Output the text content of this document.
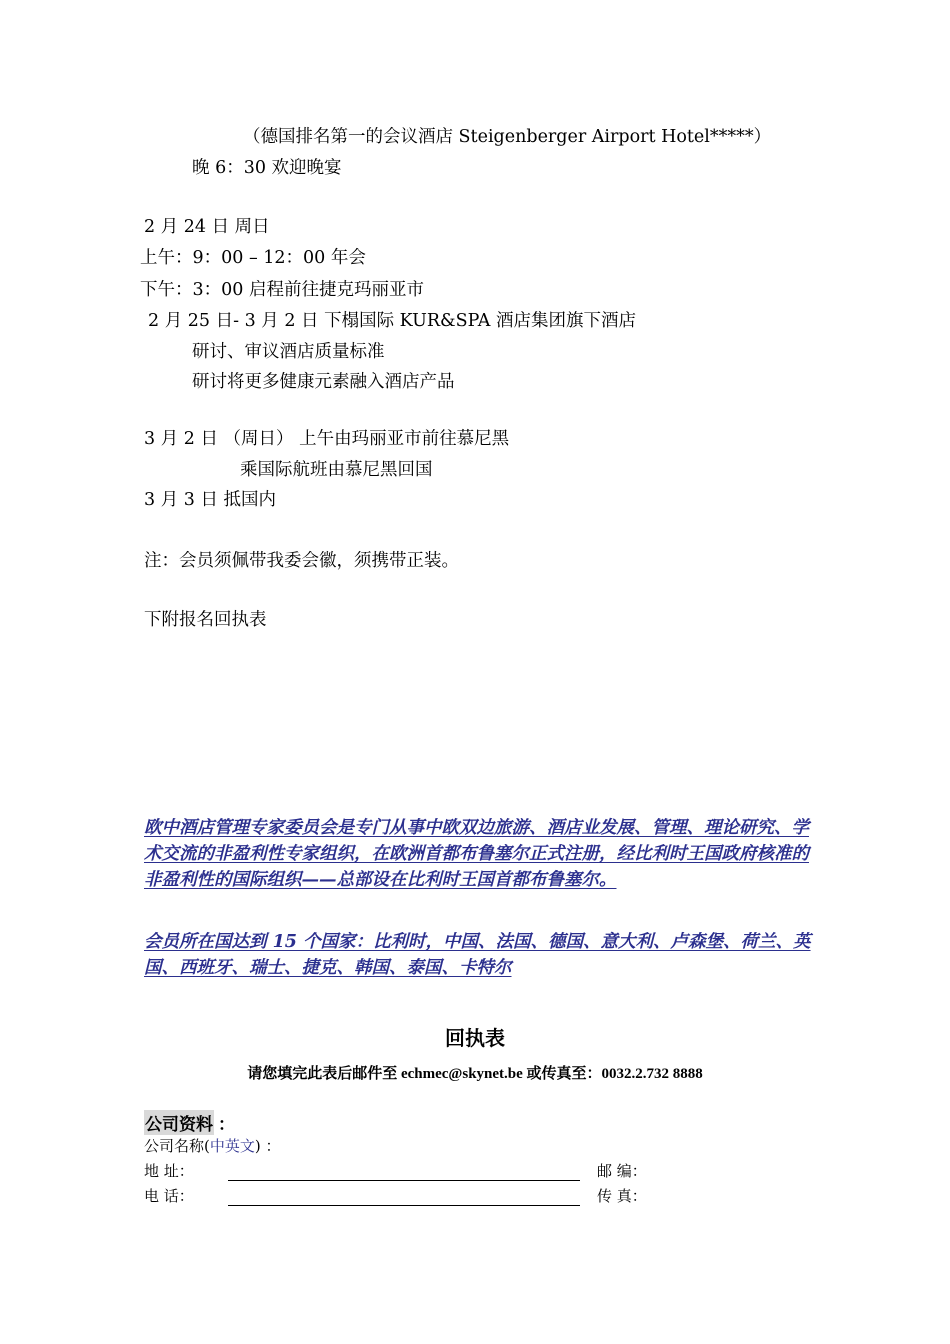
（德国排名第一的会议酒店 Steigenberger Airport Hotel*****）
晚 6：30 欢迎晚宴
2 月 24 日 周日
上午：9：00 – 12：00 年会
下午：3：00 启程前往捷克玛丽亚市
2 月 25 日- 3 月 2 日 下榻国际 KUR&SPA 酒店集团旗下酒店
研讨、审议酒店质量标准
研讨将更多健康元素融入酒店产品
3 月 2 日 （周日） 上午由玛丽亚市前往慕尼黑
乘国际航班由慕尼黑回国
3 月 3 日 抵国内
注：会员须佩带我委会徽，须携带正装。
下附报名回执表
欧中酒店管理专家委员会是专门从事中欧双边旅游、酒店业发展、管理、理论研究、学术交流的非盈利性专家组织，在欧洲首都布鲁塞尔正式注册，经比利时王国政府核准的非盈利性的国际组织——总部设在比利时王国首都布鲁塞尔。
会员所在国达到 15 个国家：比利时，中国、法国、德国、意大利、卢森堡、荷兰、英国、西班牙、瑞士、捷克、韩国、泰国、卡特尔
回执表
请您填完此表后邮件至 echmec@skynet.be 或传真至：0032.2.732 8888
公司资料 ：
公司名称(中英文) ：
地 址：	邮 编：
电 话：	传 真：
